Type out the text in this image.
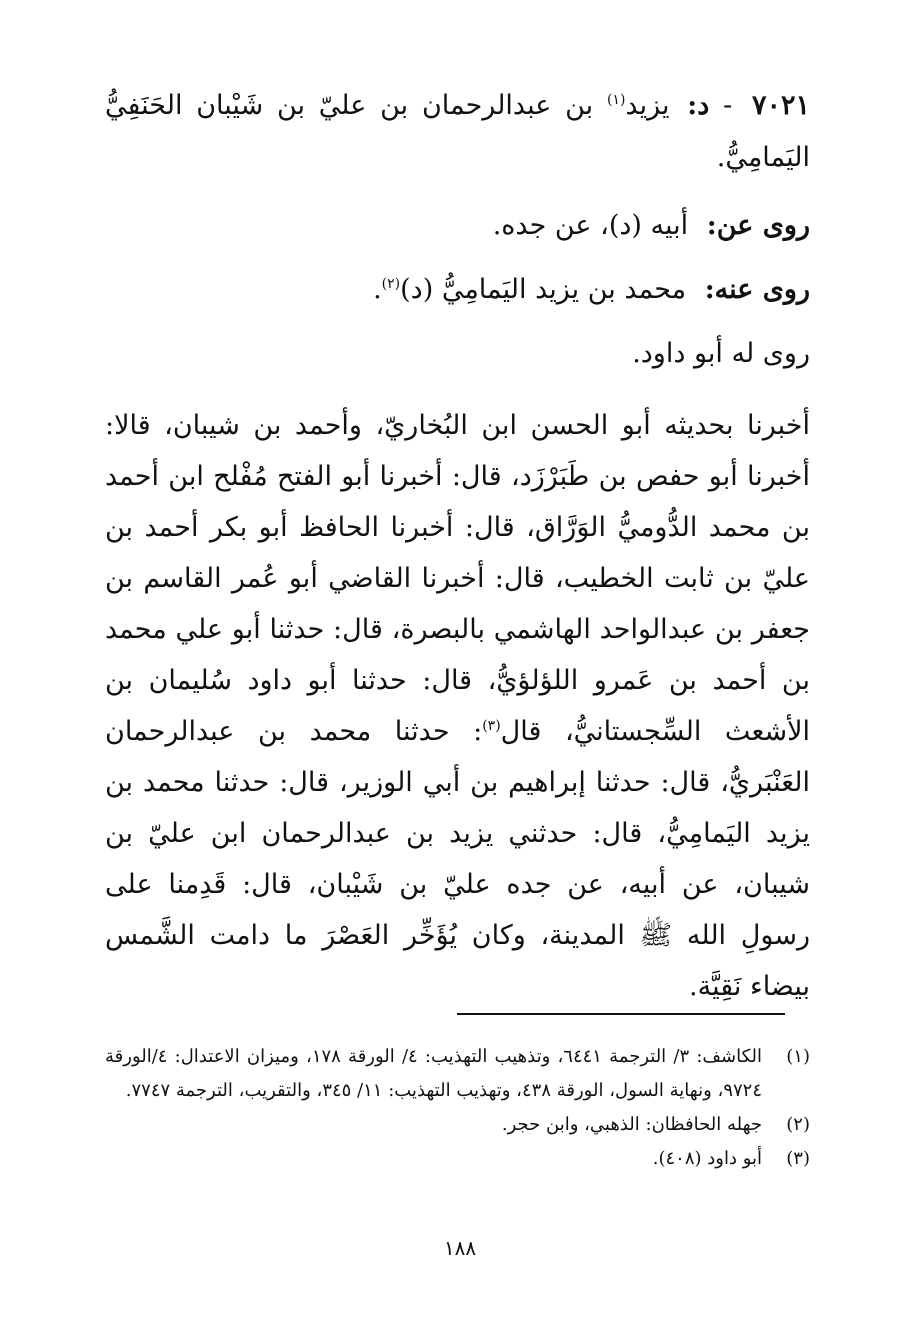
٧٠٢١ - د: يزيد$^{(١)}$ بن عبدالرحمان بن عليّ بن شَيْبان الحَنَفِيُّ اليَمامِيُّ.

روى عن: أبيه (د)، عن جده.

روى عنه: محمد بن يزيد اليَمامِيُّ (د)$^{(٢)}$.

روى له أبو داود.

أخبرنا بحديثه أبو الحسن ابن البُخاريّ، وأحمد بن شيبان، قالا: أخبرنا أبو حفص بن طَبَرْزَد، قال: أخبرنا أبو الفتح مُفْلح ابن أحمد بن محمد الدُّوميُّ الوَرَّاق، قال: أخبرنا الحافظ أبو بكر أحمد بن عليّ بن ثابت الخطيب، قال: أخبرنا القاضي أبو عُمر القاسم بن جعفر بن عبدالواحد الهاشمي بالبصرة، قال: حدثنا أبو علي محمد بن أحمد بن عَمرو اللؤلؤيُّ، قال: حدثنا أبو داود سُليمان بن الأشعث السِّجستانيُّ، قال$^{(٣)}$: حدثنا محمد بن عبدالرحمان العَنْبَريُّ، قال: حدثنا إبراهيم بن أبي الوزير، قال: حدثنا محمد بن يزيد اليَمامِيُّ، قال: حدثني يزيد بن عبدالرحمان ابن عليّ بن شيبان، عن أبيه، عن جده عليّ بن شَيْبان، قال: قَدِمنا على رسولِ الله ﷺ المدينة، وكان يُؤَخِّر العَصْرَ ما دامت الشَّمس بيضاء نَقِيَّة.

(١)
الكاشف: ٣/ الترجمة ٦٤٤١، وتذهيب التهذيب: ٤/ الورقة ١٧٨، وميزان الاعتدال: ٤/الورقة ٩٧٢٤، ونهاية السول، الورقة ٤٣٨، وتهذيب التهذيب: ١١/ ٣٤٥، والتقريب، الترجمة ٧٧٤٧.
(٢)
جهله الحافظان: الذهبي، وابن حجر.
(٣)
أبو داود (٤٠٨).
١٨٨
